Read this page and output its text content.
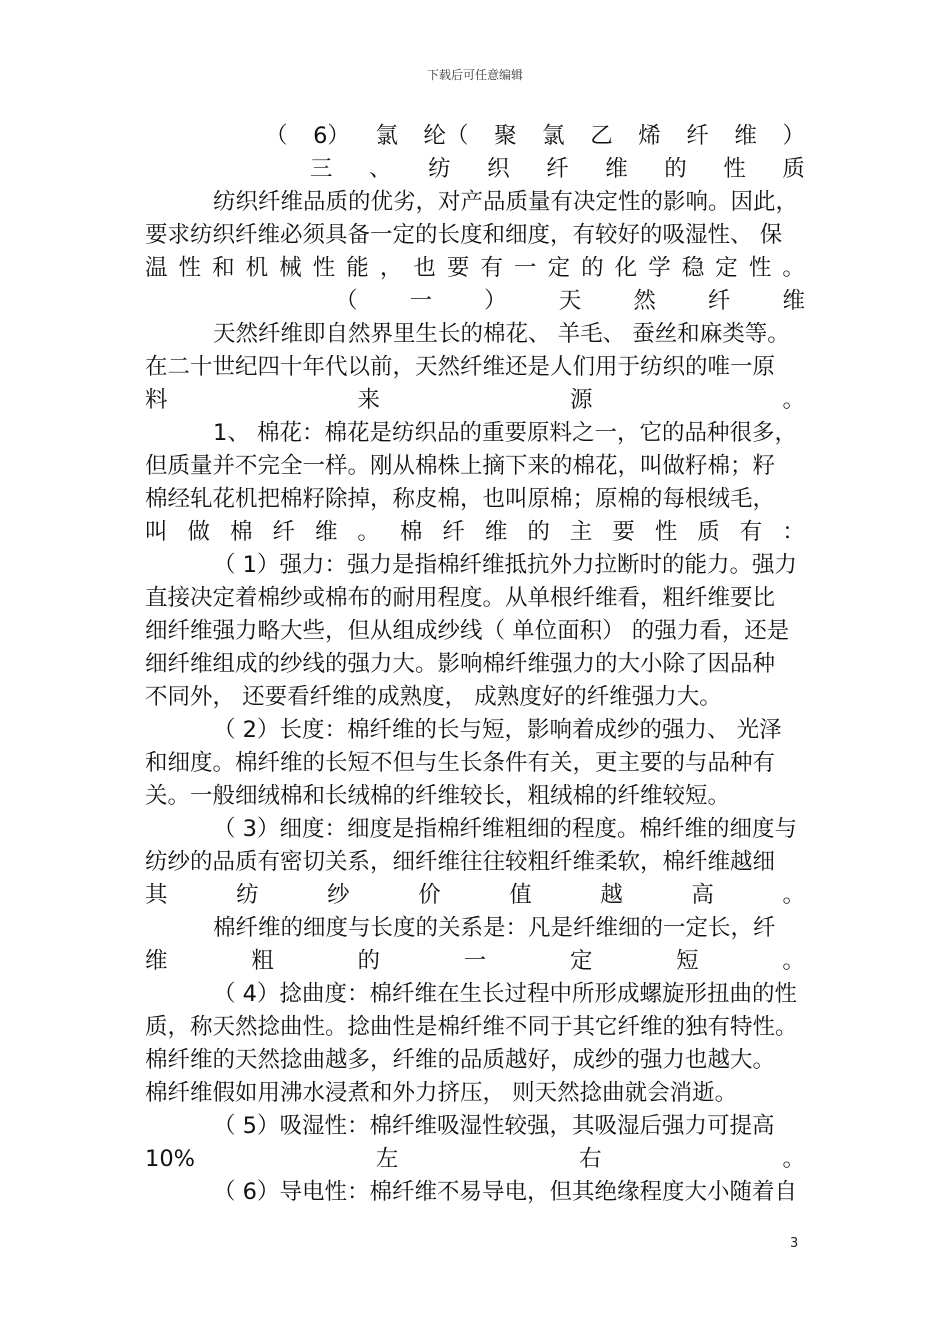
下载后可任意编辑
（ 6） 氯 纶（ 聚 氯 乙 烯 纤 维 ）
三 、 纺 织 纤 维 的 性 质
纺织纤维品质的优劣，对产品质量有决定性的影响。因此，
要求纺织纤维必须具备一定的长度和细度，有较好的吸湿性、 保
温 性 和 机 械 性 能 ， 也 要 有 一 定 的 化 学 稳 定 性 。
（ 一 ） 天 然 纤 维
天然纤维即自然界里生长的棉花、 羊毛、 蚕丝和麻类等。
在二十世纪四十年代以前，天然纤维还是人们用于纺织的唯一原
料	来	源	。
1、 棉花：棉花是纺织品的重要原料之一，它的品种很多，
但质量并不完全一样。刚从棉株上摘下来的棉花，叫做籽棉；籽
棉经轧花机把棉籽除掉，称皮棉，也叫原棉；原棉的每根绒毛，
叫 做 棉 纤 维 。 棉 纤 维 的 主 要 性 质 有 ：
（ 1）强力：强力是指棉纤维抵抗外力拉断时的能力。强力
直接决定着棉纱或棉布的耐用程度。从单根纤维看，粗纤维要比
细纤维强力略大些，但从组成纱线（ 单位面积） 的强力看，还是
细纤维组成的纱线的强力大。影响棉纤维强力的大小除了因品种
不同外， 还要看纤维的成熟度， 成熟度好的纤维强力大。
（ 2）长度：棉纤维的长与短，影响着成纱的强力、 光泽
和细度。棉纤维的长短不但与生长条件有关，更主要的与品种有
关。一般细绒棉和长绒棉的纤维较长，粗绒棉的纤维较短。
（ 3）细度：细度是指棉纤维粗细的程度。棉纤维的细度与
纺纱的品质有密切关系，细纤维往往较粗纤维柔软，棉纤维越细
其	纺	纱	价	值	越	高	。
棉纤维的细度与长度的关系是：凡是纤维细的一定长，纤
维	粗	的	一	定	短	。
（ 4）捻曲度：棉纤维在生长过程中所形成螺旋形扭曲的性
质，称天然捻曲性。捻曲性是棉纤维不同于其它纤维的独有特性。
棉纤维的天然捻曲越多，纤维的品质越好，成纱的强力也越大。
棉纤维假如用沸水浸煮和外力挤压， 则天然捻曲就会消逝。
（ 5）吸湿性：棉纤维吸湿性较强，其吸湿后强力可提高
10%	左	右	。
（ 6）导电性：棉纤维不易导电，但其绝缘程度大小随着自
3
